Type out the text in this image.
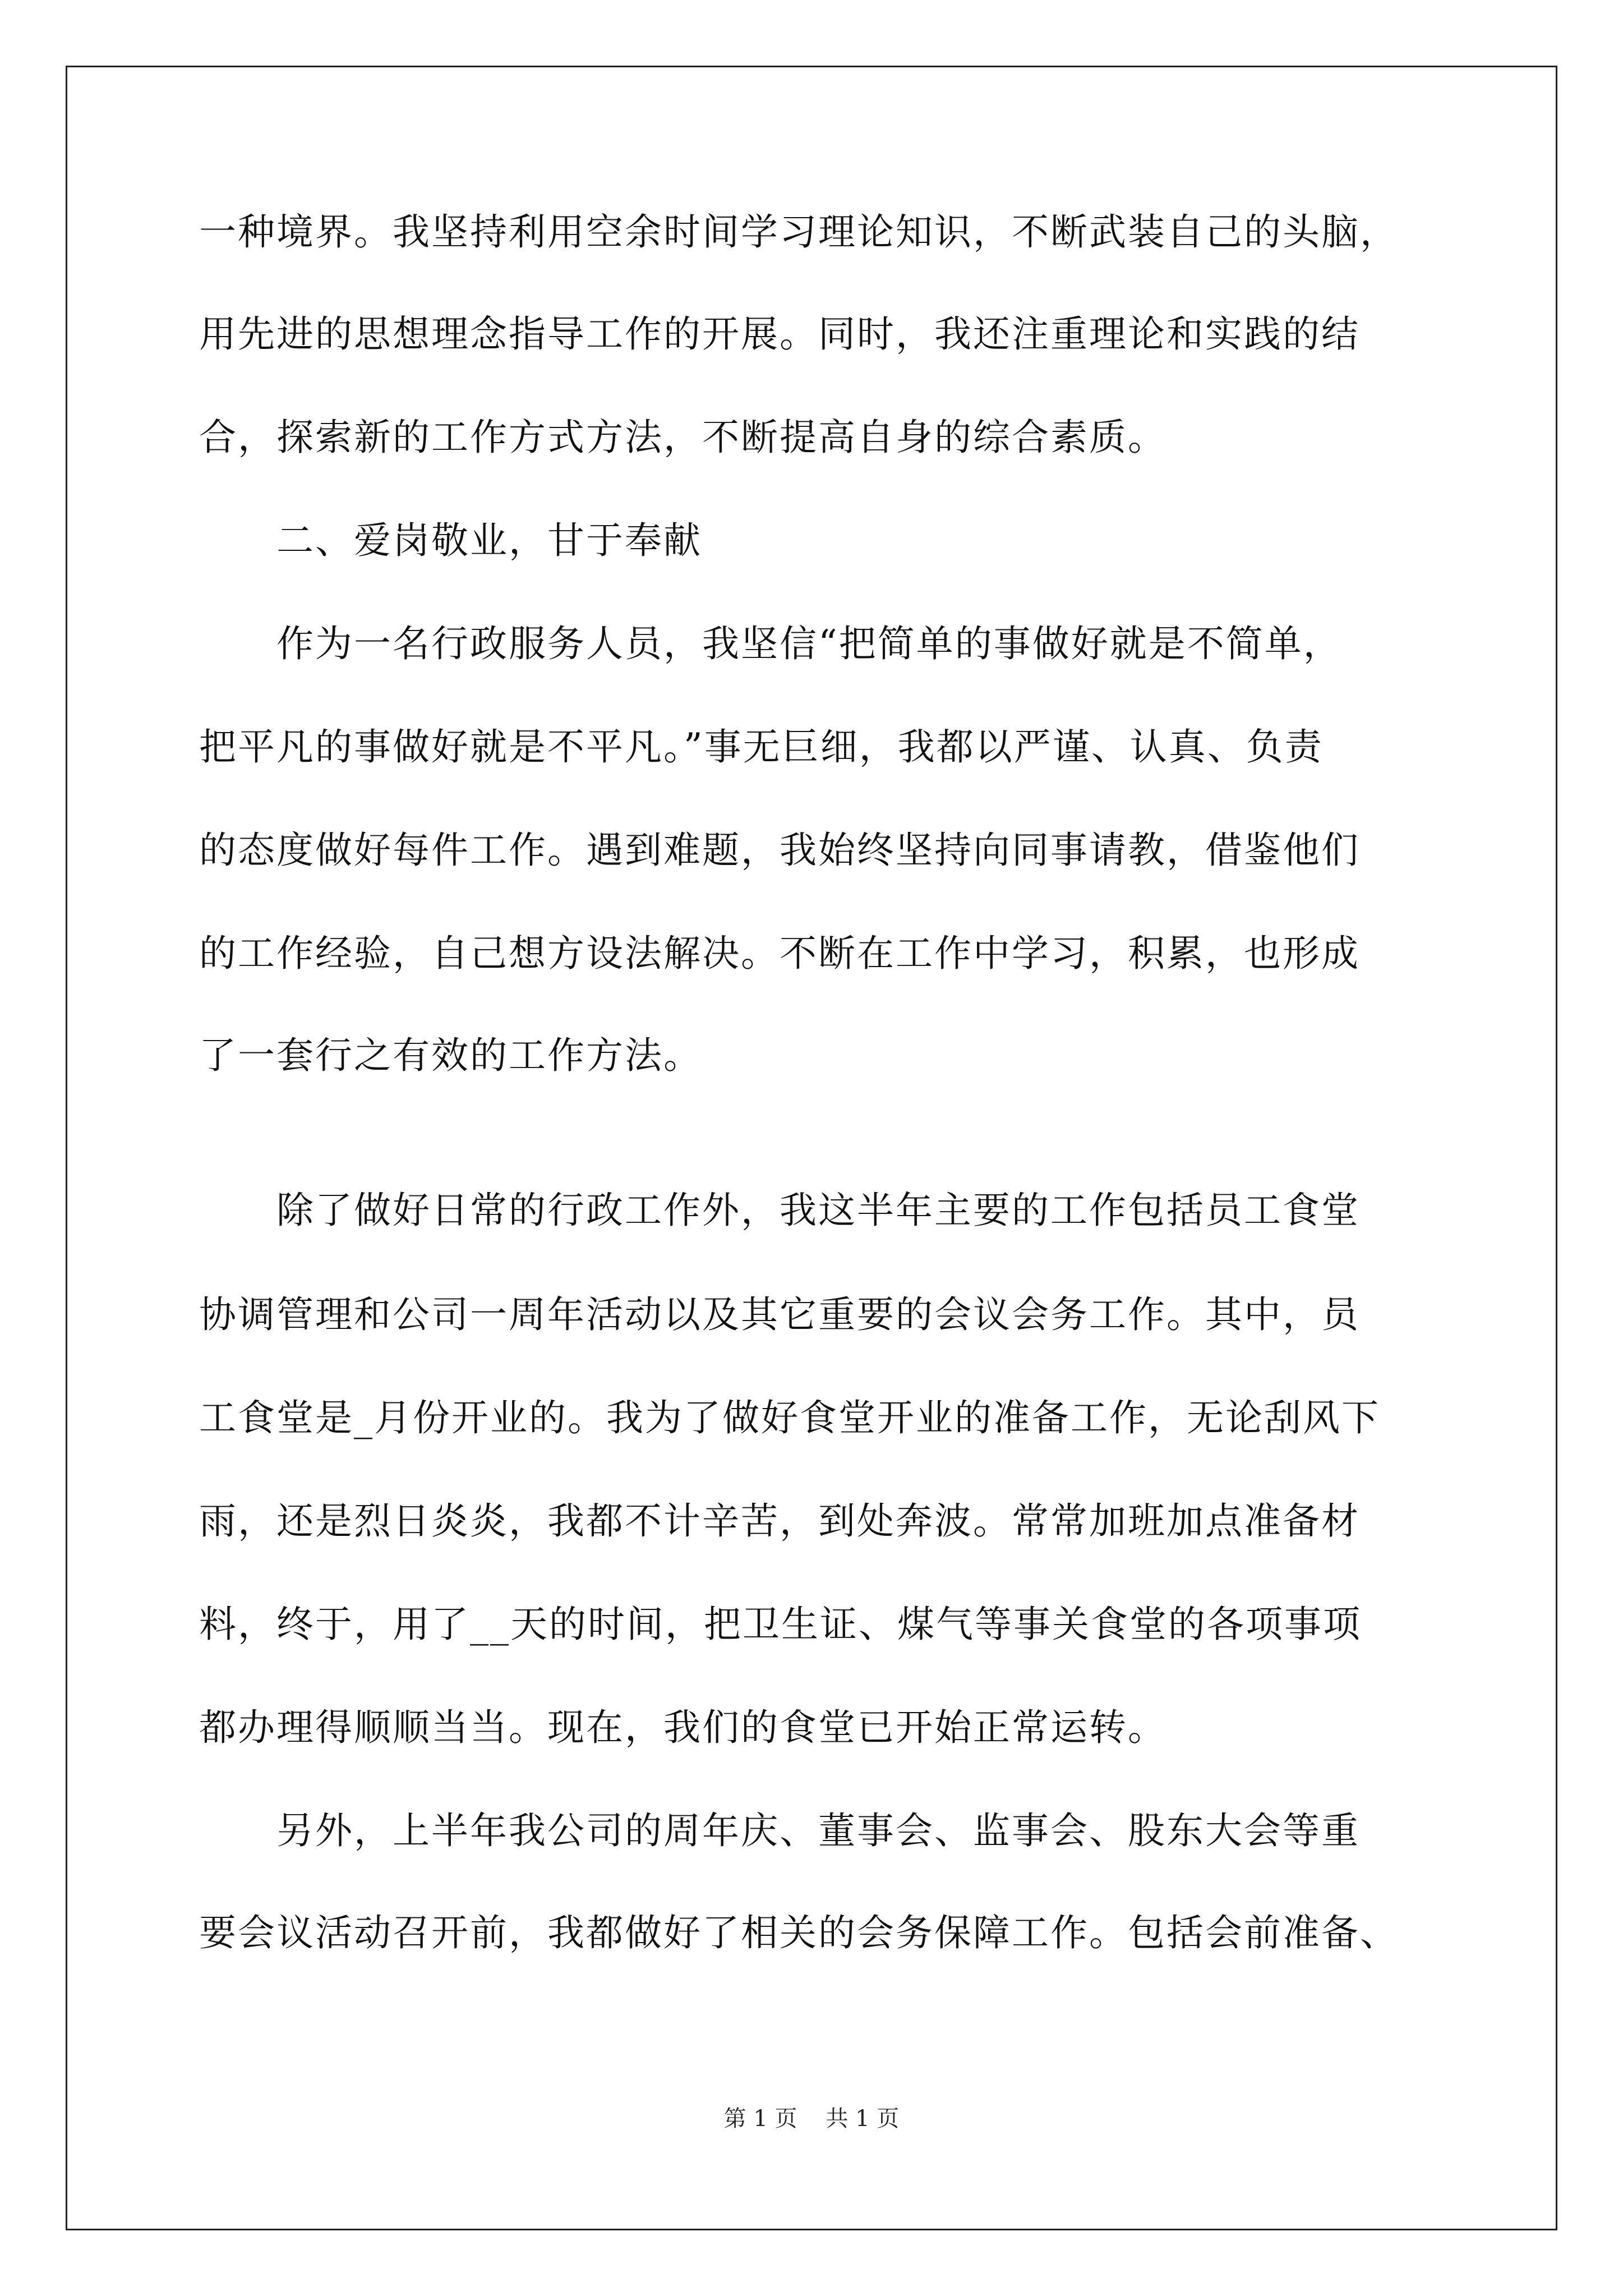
一种境界。我坚持利用空余时间学习理论知识，不断武装自己的头脑，
用先进的思想理念指导工作的开展。同时，我还注重理论和实践的结
合，探索新的工作方式方法，不断提高自身的综合素质。
　　二、爱岗敬业，甘于奉献
　　作为一名行政服务人员，我坚信“把简单的事做好就是不简单，
把平凡的事做好就是不平凡。”事无巨细，我都以严谨、认真、负责
的态度做好每件工作。遇到难题，我始终坚持向同事请教，借鉴他们
的工作经验，自己想方设法解决。不断在工作中学习，积累，也形成
了一套行之有效的工作方法。
　　除了做好日常的行政工作外，我这半年主要的工作包括员工食堂
协调管理和公司一周年活动以及其它重要的会议会务工作。其中，员
工食堂是_月份开业的。我为了做好食堂开业的准备工作，无论刮风下
雨，还是烈日炎炎，我都不计辛苦，到处奔波。常常加班加点准备材
料，终于，用了__天的时间，把卫生证、煤气等事关食堂的各项事项
都办理得顺顺当当。现在，我们的食堂已开始正常运转。
　　另外，上半年我公司的周年庆、董事会、监事会、股东大会等重
要会议活动召开前，我都做好了相关的会务保障工作。包括会前准备、
第 1 页 共 1 页
